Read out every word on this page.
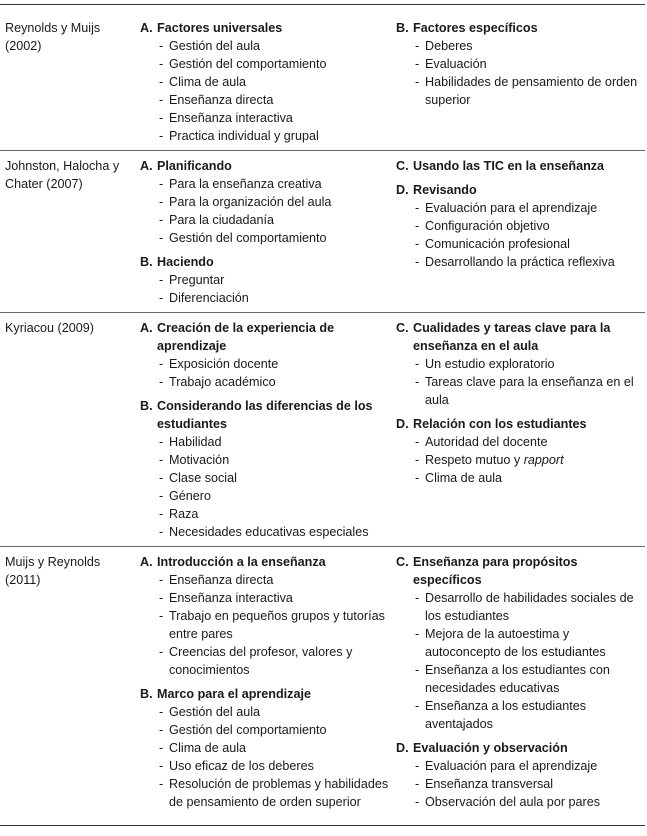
Reynolds y Muijs (2002)
A. Factores universales
- Gestión del aula
- Gestión del comportamiento
- Clima de aula
- Enseñanza directa
- Enseñanza interactiva
- Practica individual y grupal
B. Factores específicos
- Deberes
- Evaluación
- Habilidades de pensamiento de orden superior
Johnston, Halocha y Chater (2007)
A. Planificando
- Para la enseñanza creativa
- Para la organización del aula
- Para la ciudadanía
- Gestión del comportamiento
B. Haciendo
- Preguntar
- Diferenciación
C. Usando las TIC en la enseñanza
D. Revisando
- Evaluación para el aprendizaje
- Configuración objetivo
- Comunicación profesional
- Desarrollando la práctica reflexiva
Kyriacou (2009)	A. Creación de la experiencia de aprendizaje
- Exposición docente
- Trabajo académico
B. Considerando las diferencias de los estudiantes
- Habilidad
- Motivación
- Clase social
- Género
- Raza
- Necesidades educativas especiales
C. Cualidades y tareas clave para la enseñanza en el aula
- Un estudio exploratorio
- Tareas clave para la enseñanza en el aula
D. Relación con los estudiantes
- Autoridad del docente
- Respeto mutuo y rapport
- Clima de aula
Muijs y Reynolds (2011)
A. Introducción a la enseñanza
- Enseñanza directa
- Enseñanza interactiva
- Trabajo en pequeños grupos y tutorías entre pares
- Creencias del profesor, valores y conocimientos
B. Marco para el aprendizaje
- Gestión del aula
- Gestión del comportamiento
- Clima de aula
- Uso eficaz de los deberes
- Resolución de problemas y habilidades de pensamiento de orden superior
C. Enseñanza para propósitos específicos
- Desarrollo de habilidades sociales de los estudiantes
- Mejora de la autoestima y autoconcepto de los estudiantes
- Enseñanza a los estudiantes con necesidades educativas
- Enseñanza a los estudiantes aventajados
D. Evaluación y observación
- Evaluación para el aprendizaje
- Enseñanza transversal
- Observación del aula por pares
